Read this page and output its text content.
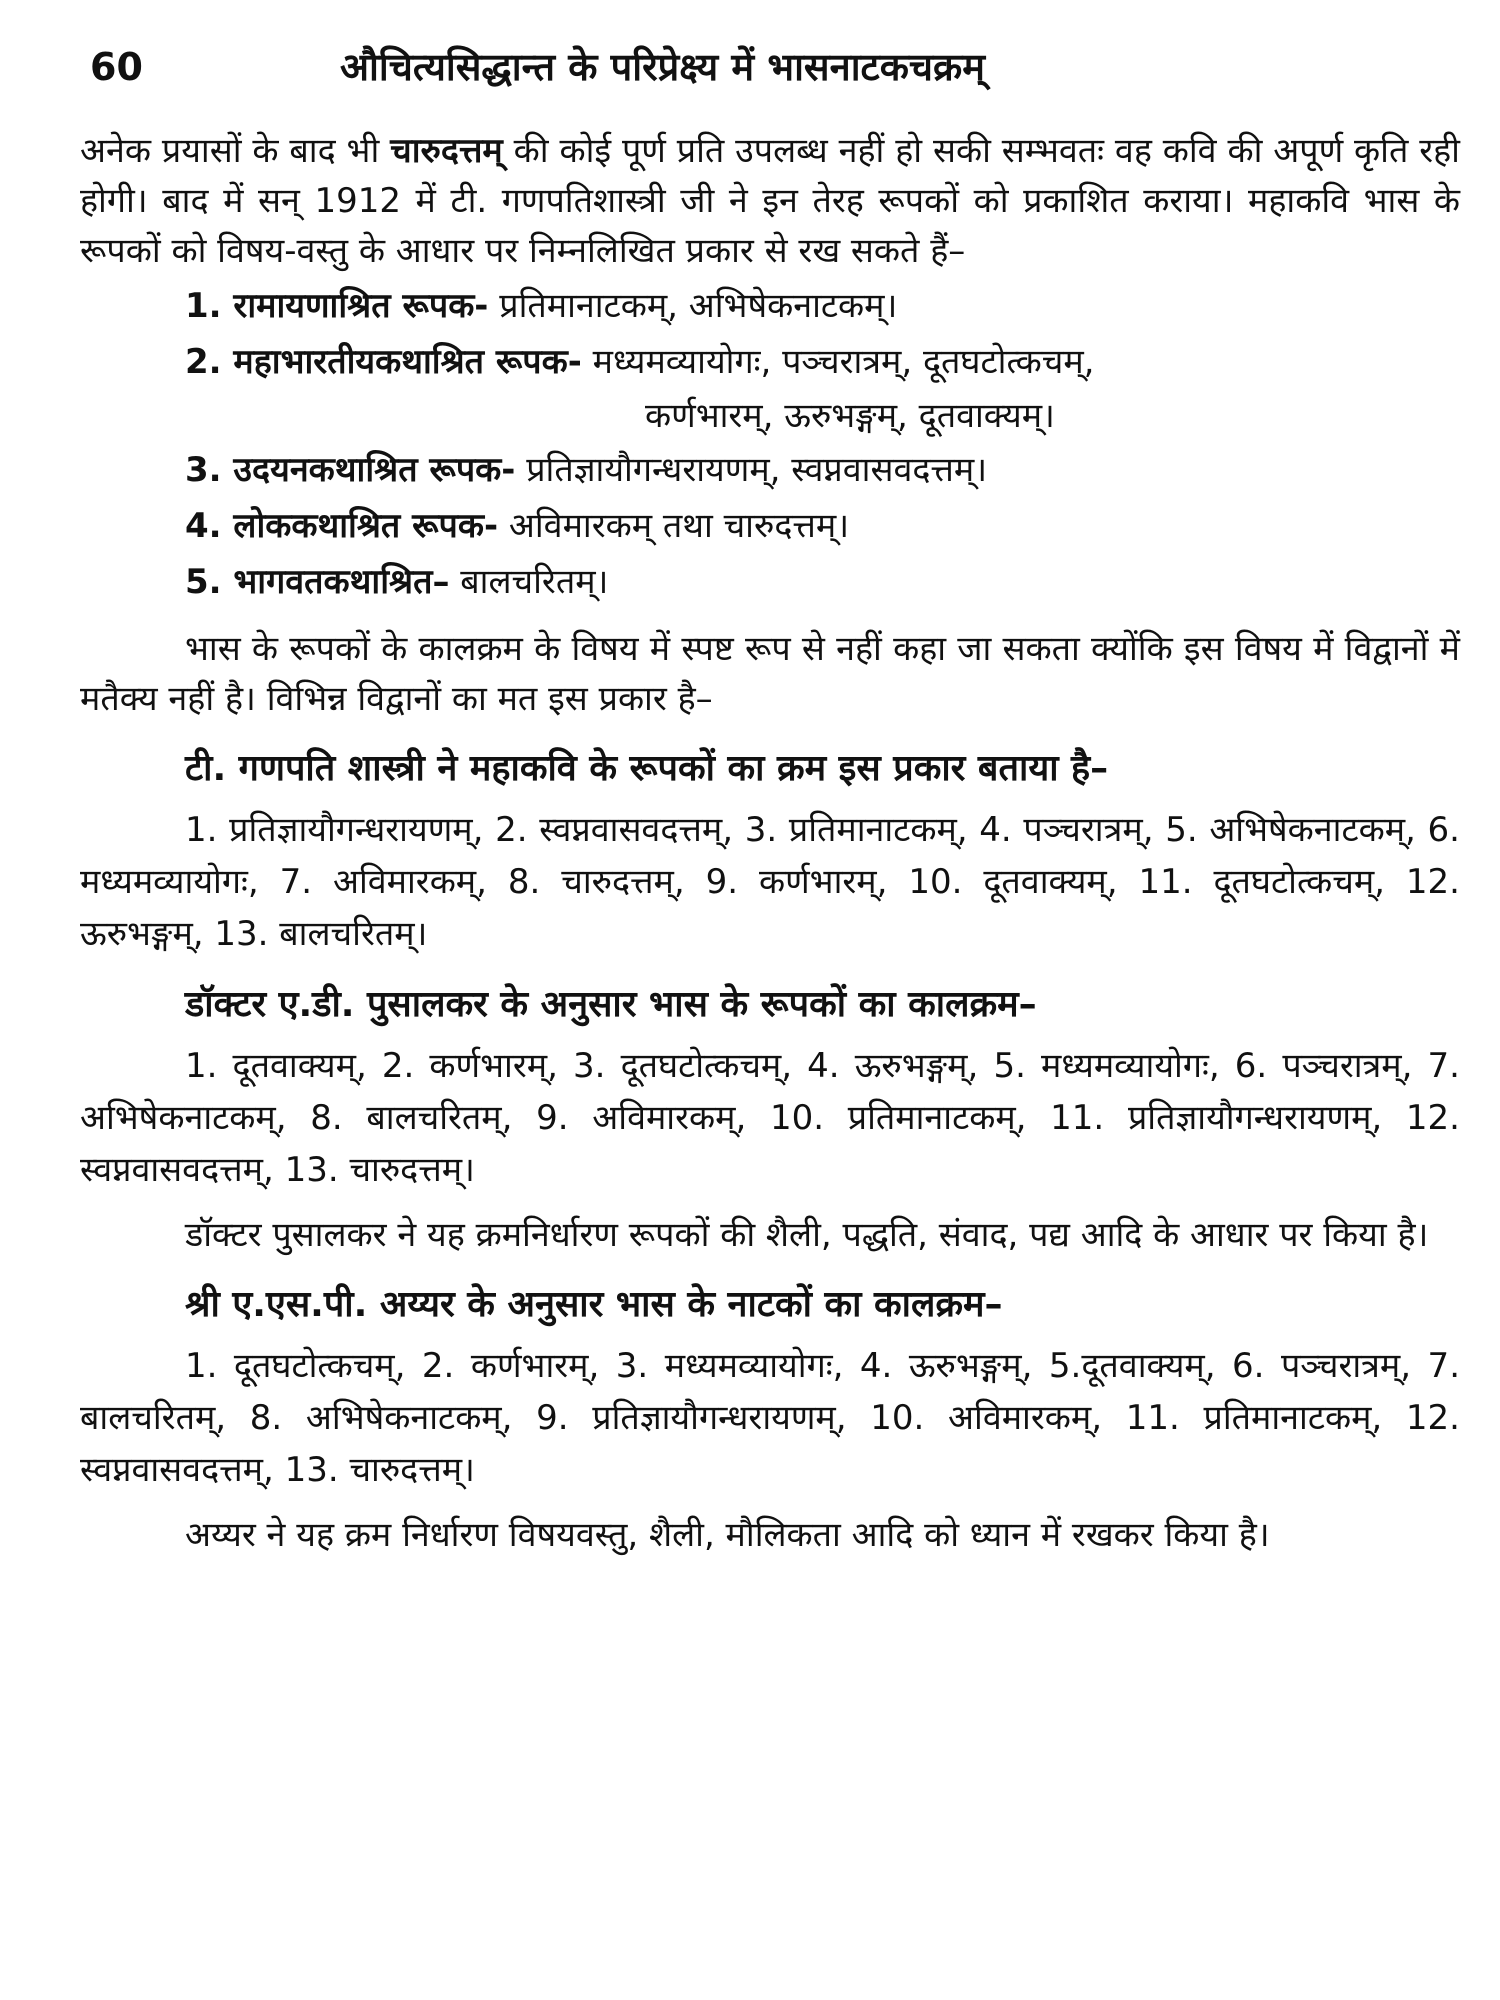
60	औचित्यसिद्धान्त के परिप्रेक्ष्य में भासनाटकचक्रम्

अनेक प्रयासों के बाद भी चारुदत्तम् की कोई पूर्ण प्रति उपलब्ध नहीं हो सकी सम्भवतः वह कवि की अपूर्ण कृति रही होगी। बाद में सन् 1912 में टी. गणपतिशास्त्री जी ने इन तेरह रूपकों को प्रकाशित कराया। महाकवि भास के रूपकों को विषय-वस्तु के आधार पर निम्नलिखित प्रकार से रख सकते हैं–

1. रामायणाश्रित रूपक- प्रतिमानाटकम्, अभिषेकनाटकम्।
2. महाभारतीयकथाश्रित रूपक- मध्यमव्यायोगः, पञ्चरात्रम्, दूतघटोत्कचम्,
कर्णभारम्, ऊरुभङ्गम्, दूतवाक्यम्।
3. उदयनकथाश्रित रूपक- प्रतिज्ञायौगन्धरायणम्, स्वप्नवासवदत्तम्।
4. लोककथाश्रित रूपक- अविमारकम् तथा चारुदत्तम्।
5. भागवतकथाश्रित– बालचरितम्।

भास के रूपकों के कालक्रम के विषय में स्पष्ट रूप से नहीं कहा जा सकता क्योंकि इस विषय में विद्वानों में मतैक्य नहीं है। विभिन्न विद्वानों का मत इस प्रकार है–

टी. गणपति शास्त्री ने महाकवि के रूपकों का क्रम इस प्रकार बताया है–

1. प्रतिज्ञायौगन्धरायणम्, 2. स्वप्नवासवदत्तम्, 3. प्रतिमानाटकम्, 4. पञ्चरात्रम्, 5. अभिषेकनाटकम्, 6. मध्यमव्यायोगः, 7. अविमारकम्, 8. चारुदत्तम्, 9. कर्णभारम्, 10. दूतवाक्यम्, 11. दूतघटोत्कचम्, 12. ऊरुभङ्गम्, 13. बालचरितम्।

डॉक्टर ए.डी. पुसालकर के अनुसार भास के रूपकों का कालक्रम–

1. दूतवाक्यम्, 2. कर्णभारम्, 3. दूतघटोत्कचम्, 4. ऊरुभङ्गम्, 5. मध्यमव्यायोगः, 6. पञ्चरात्रम्, 7. अभिषेकनाटकम्, 8. बालचरितम्, 9. अविमारकम्, 10. प्रतिमानाटकम्, 11. प्रतिज्ञायौगन्धरायणम्, 12. स्वप्नवासवदत्तम्, 13. चारुदत्तम्।

डॉक्टर पुसालकर ने यह क्रमनिर्धारण रूपकों की शैली, पद्धति, संवाद, पद्य आदि के आधार पर किया है।

श्री ए.एस.पी. अय्यर के अनुसार भास के नाटकों का कालक्रम–

1. दूतघटोत्कचम्, 2. कर्णभारम्, 3. मध्यमव्यायोगः, 4. ऊरुभङ्गम्, 5.दूतवाक्यम्, 6. पञ्चरात्रम्, 7. बालचरितम्, 8. अभिषेकनाटकम्, 9. प्रतिज्ञायौगन्धरायणम्, 10. अविमारकम्, 11. प्रतिमानाटकम्, 12. स्वप्नवासवदत्तम्, 13. चारुदत्तम्।

अय्यर ने यह क्रम निर्धारण विषयवस्तु, शैली, मौलिकता आदि को ध्यान में रखकर किया है।
